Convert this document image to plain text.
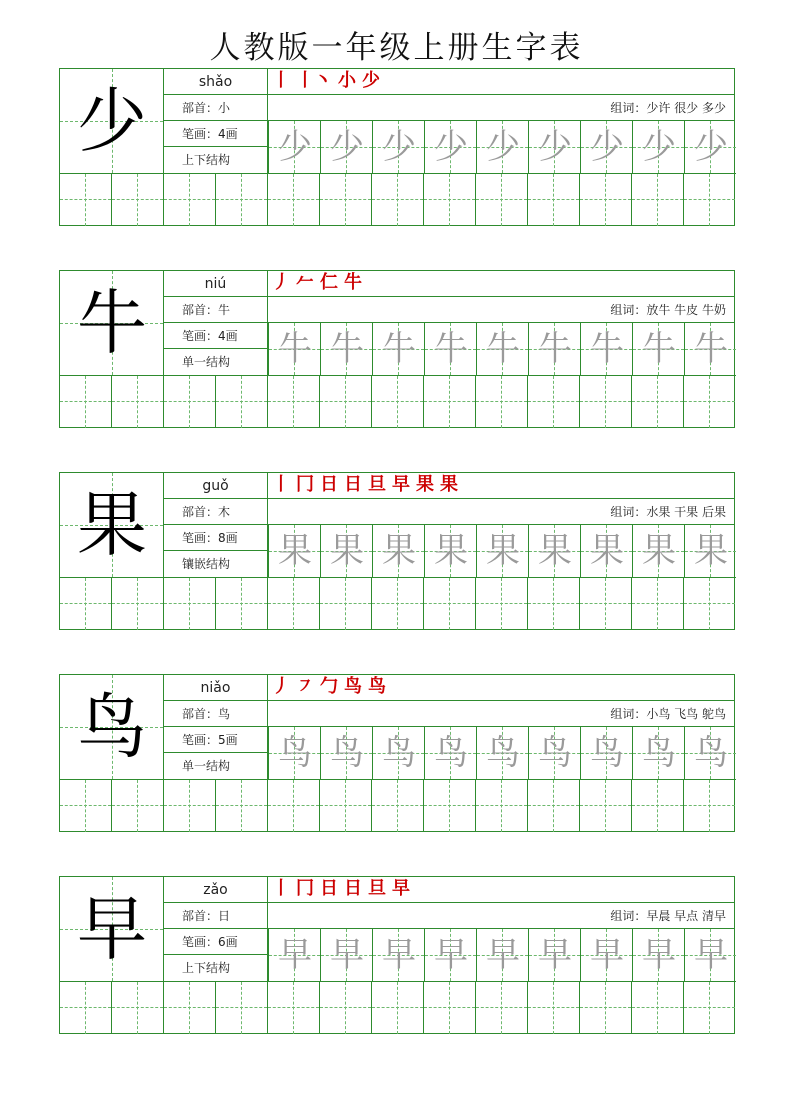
人教版一年级上册生字表
少	shǎo
部首：小
笔画：4画
上下结构
丨 丨丶 小 少
组词：少许 很少 多少
少 少 少 少 少 少 少 少 少
牛	niú
部首：牛
笔画：4画
单一结构
丿 𠂉 仁 牛
组词：放牛 牛皮 牛奶
牛 牛 牛 牛 牛 牛 牛 牛 牛
果	guǒ
部首：木
笔画：8画
镶嵌结构
丨 冂 日 日 旦 早 果 果
组词：水果 干果 后果
果 果 果 果 果 果 果 果 果
鸟	niǎo
部首：鸟
笔画：5画
单一结构
丿 ㇇ 勹 鸟 鸟
组词：小鸟 飞鸟 鸵鸟
鸟 鸟 鸟 鸟 鸟 鸟 鸟 鸟 鸟
早	zǎo
部首：日
笔画：6画
上下结构
丨 冂 日 日 旦 早
组词：早晨 早点 清早
早 早 早 早 早 早 早 早 早
